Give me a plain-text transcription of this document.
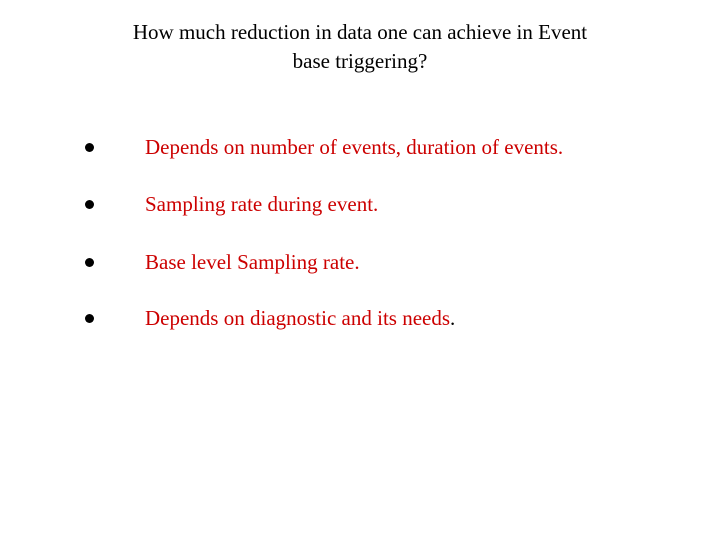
How much reduction in data one can achieve in Event
base triggering?
Depends on number of events, duration of events.
Sampling rate during event.
Base level Sampling rate.
Depends on diagnostic and its needs.
